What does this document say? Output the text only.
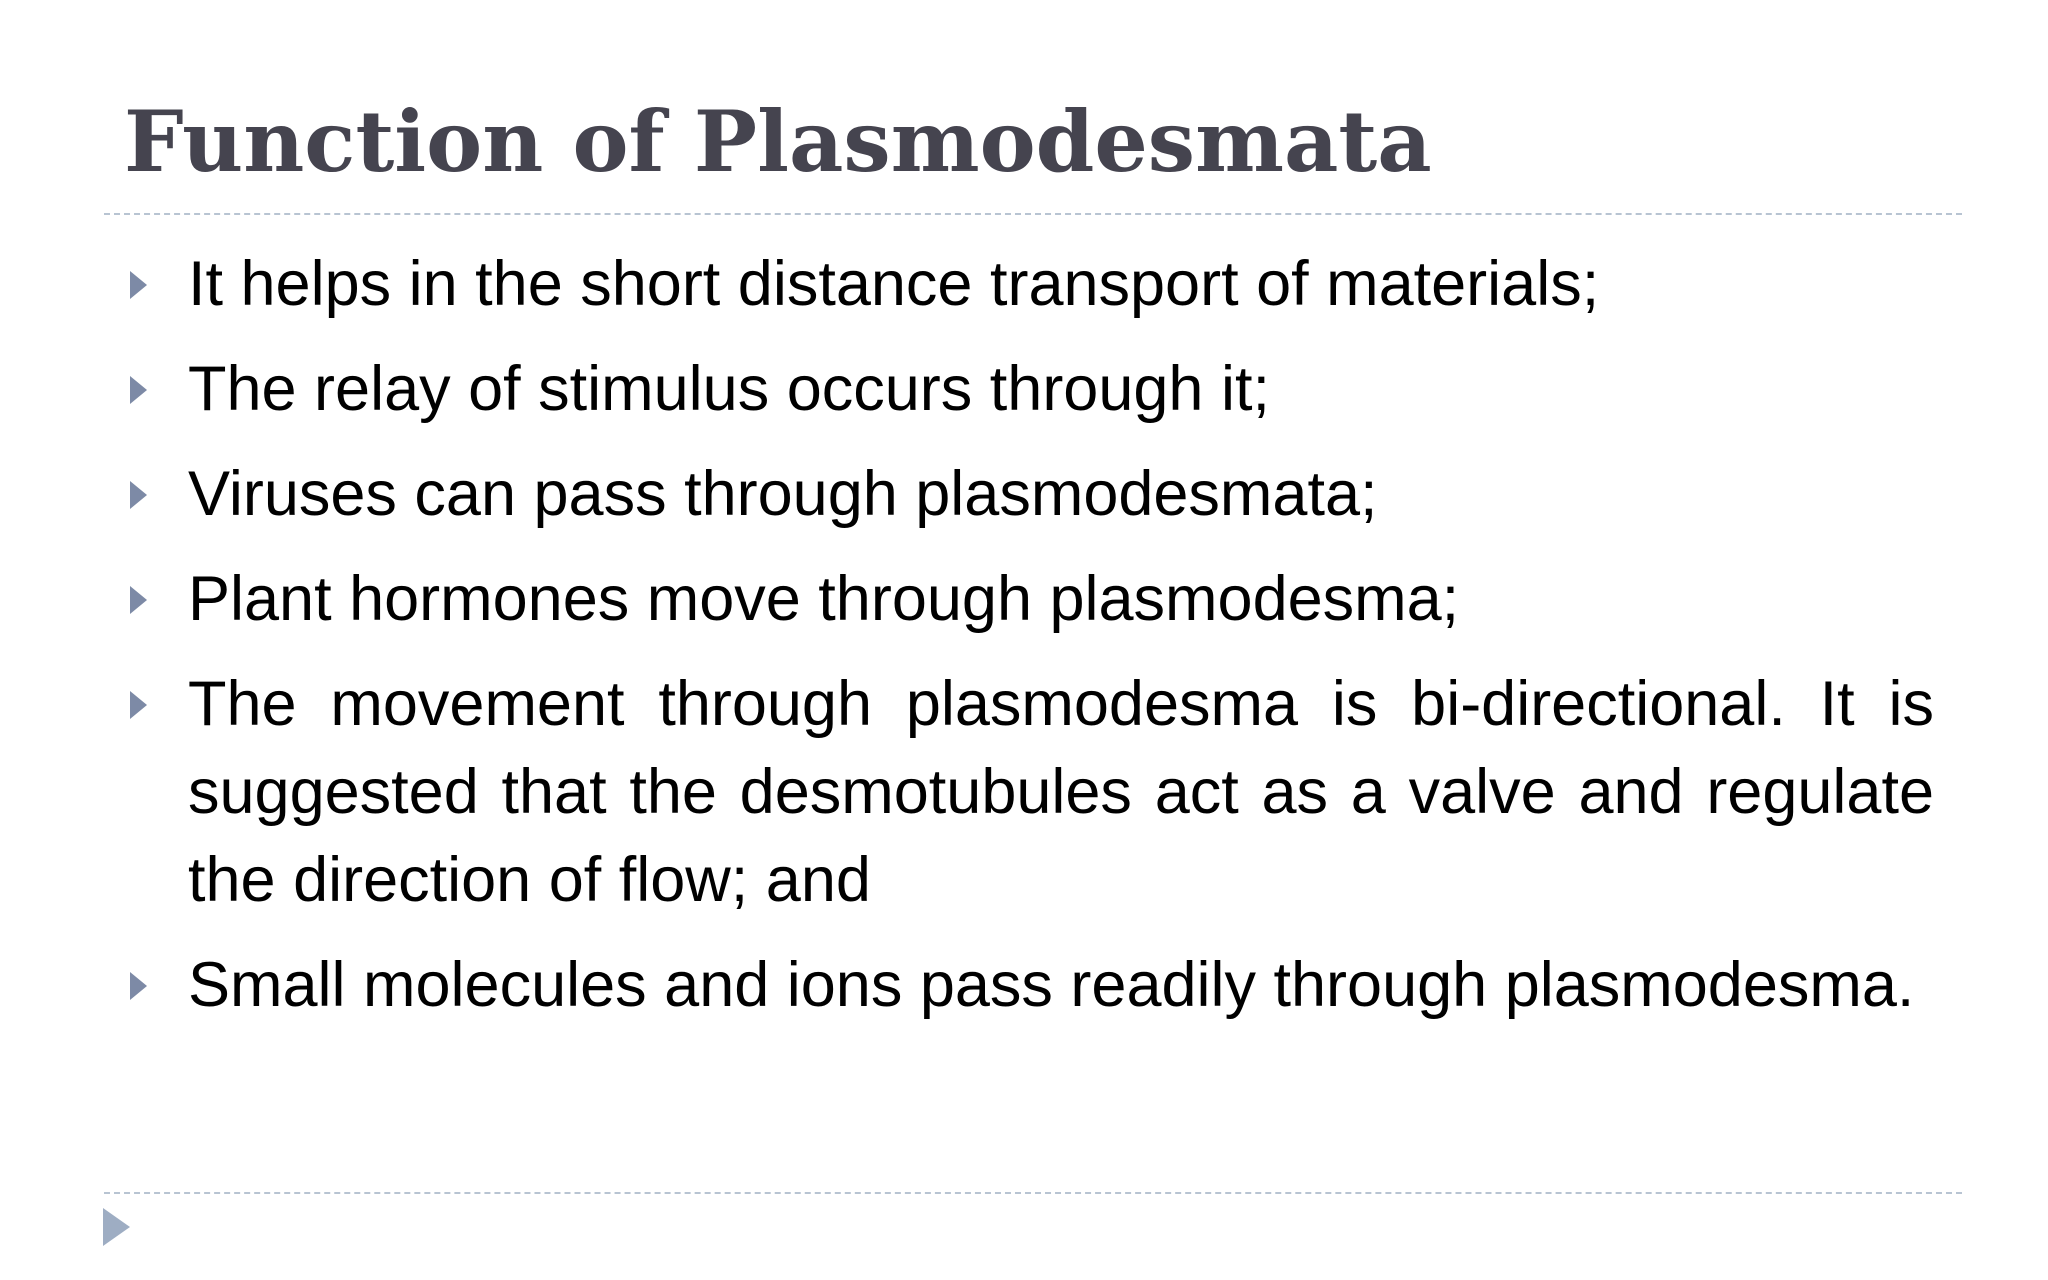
Function of Plasmodesmata
It helps in the short distance transport of materials;
The relay of stimulus occurs through it;
Viruses can pass through plasmodesmata;
Plant hormones move through plasmodesma;
The movement through plasmodesma is bi-directional. It is suggested that the desmotubules act as a valve and regulate the direction of flow; and
Small molecules and ions pass readily through plasmodesma.
